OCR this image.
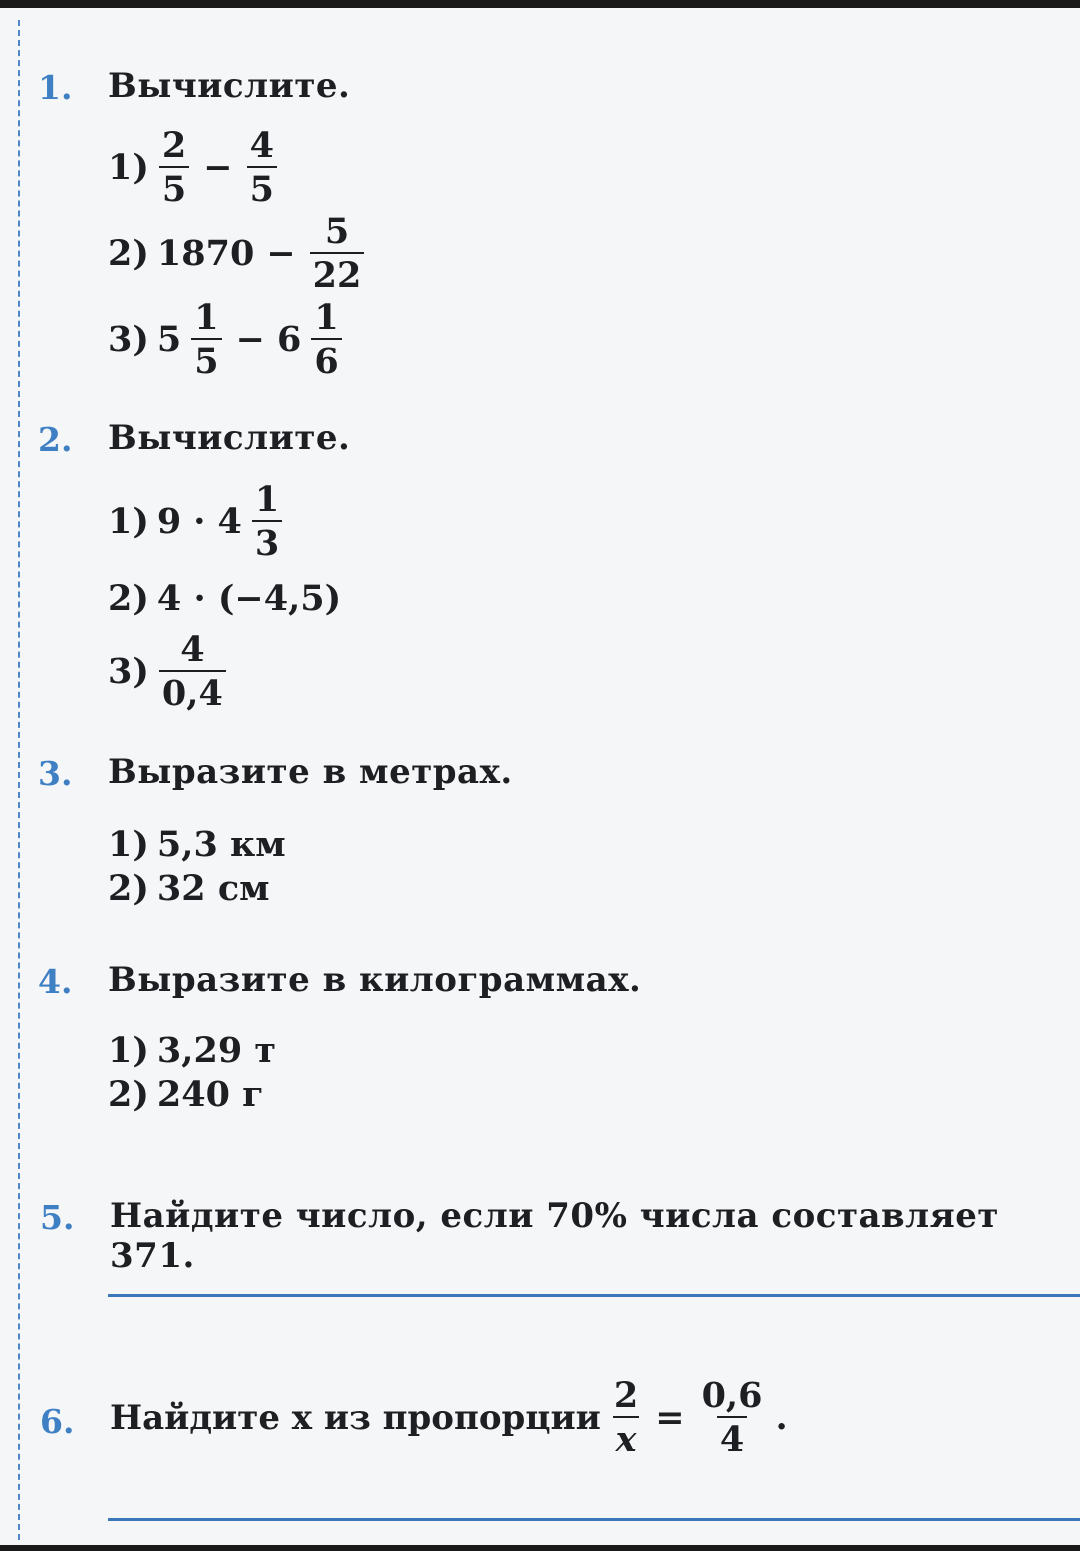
1. Вычислите.
$1) \frac{2}{5} - \frac{4}{5}$
2) $1870 - \frac{5}{22}$
3) $5 \frac{1}{5} - 6 \frac{1}{6}$
2. Вычислите.
1) $9 \cdot 4 \frac{1}{3}$
2) 4 · (−4,5)
$3) \frac{4}{0,4}$
3. Выразите в метрах.
1) 5,3 км
2) 32 см
4. Выразите в килограммах.
1) 3,29 т
2) 240 г
5. Найдите число, если 70% числа составляет 371.
6. Найдите x из пропорции $\frac{2}{x} = \frac{0,6}{4}$ .
